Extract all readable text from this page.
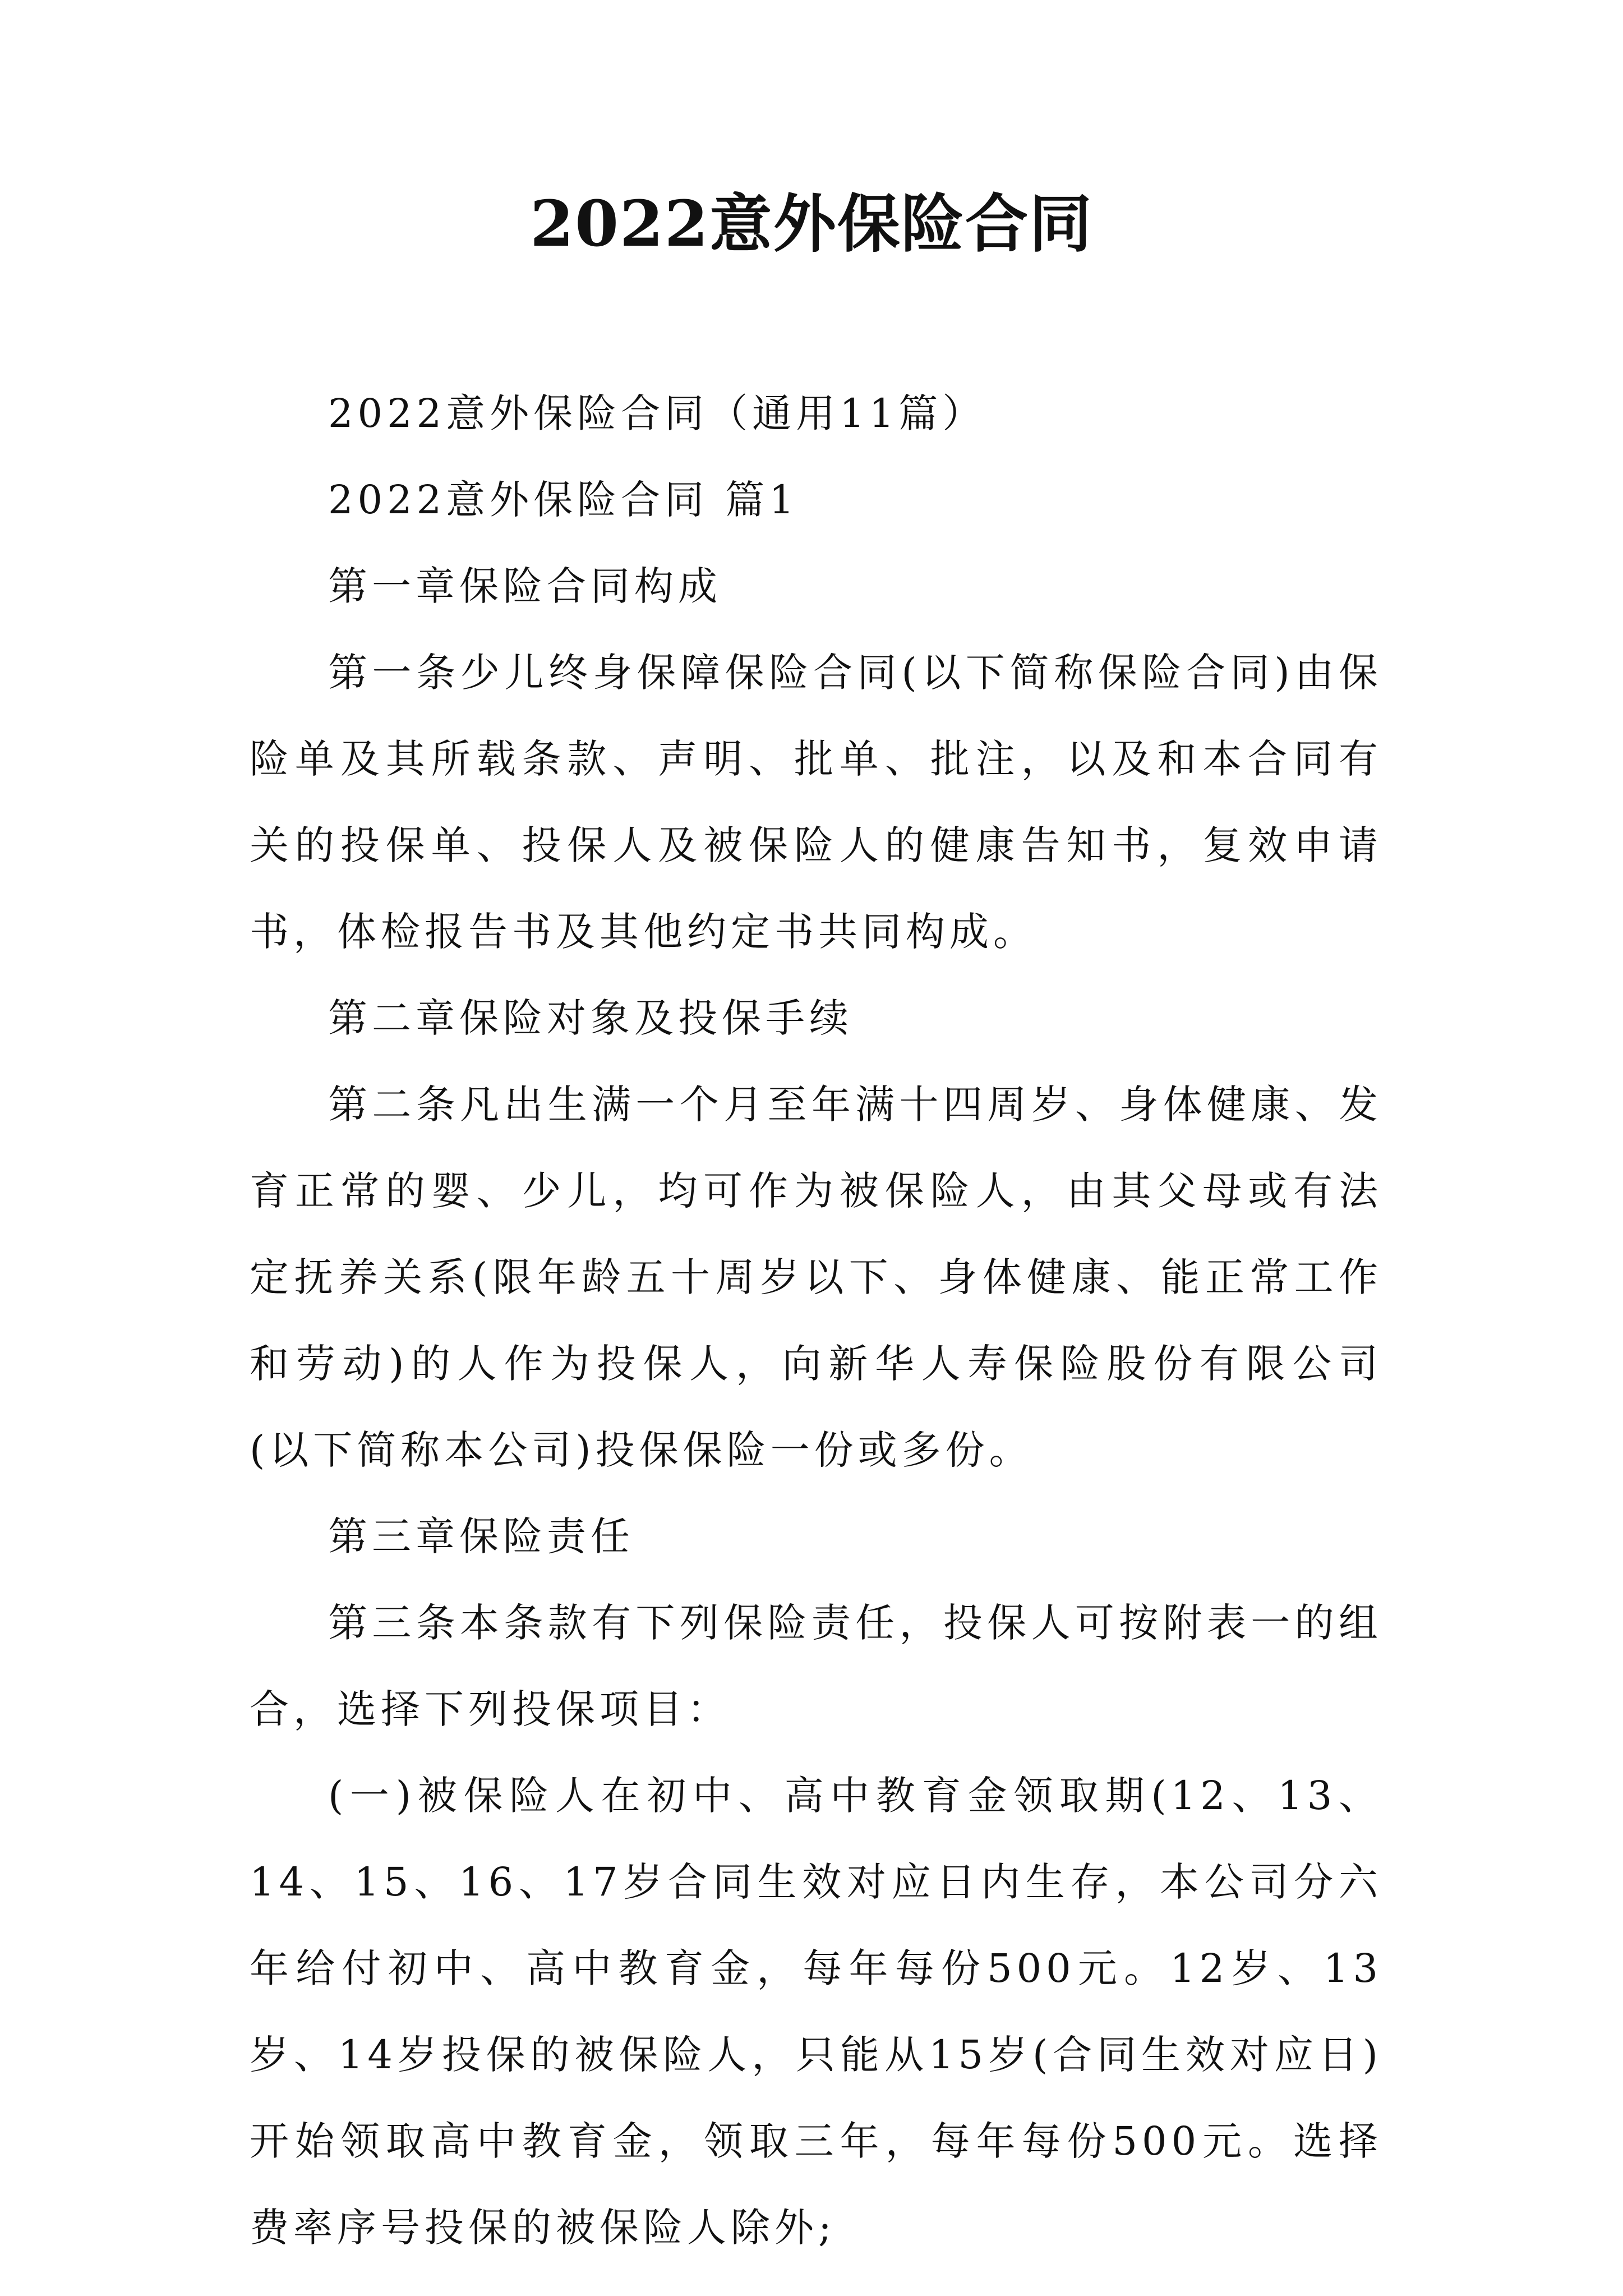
2022意外保险合同

2022意外保险合同（通用11篇）

2022意外保险合同 篇1

第一章保险合同构成

第一条少儿终身保障保险合同(以下简称保险合同)由保险单及其所载条款、声明、批单、批注，以及和本合同有关的投保单、投保人及被保险人的健康告知书，复效申请书，体检报告书及其他约定书共同构成。

第二章保险对象及投保手续

第二条凡出生满一个月至年满十四周岁、身体健康、发育正常的婴、少儿，均可作为被保险人，由其父母或有法定抚养关系(限年龄五十周岁以下、身体健康、能正常工作和劳动)的人作为投保人，向新华人寿保险股份有限公司(以下简称本公司)投保保险一份或多份。

第三章保险责任

第三条本条款有下列保险责任，投保人可按附表一的组合，选择下列投保项目：

(一)被保险人在初中、高中教育金领取期(12、13、14、15、16、17岁合同生效对应日内生存，本公司分六年给付初中、高中教育金，每年每份500元。12岁、13岁、14岁投保的被保险人，只能从15岁(合同生效对应日)开始领取高中教育金，领取三年，每年每份500元。选择费率序号投保的被保险人除外;
